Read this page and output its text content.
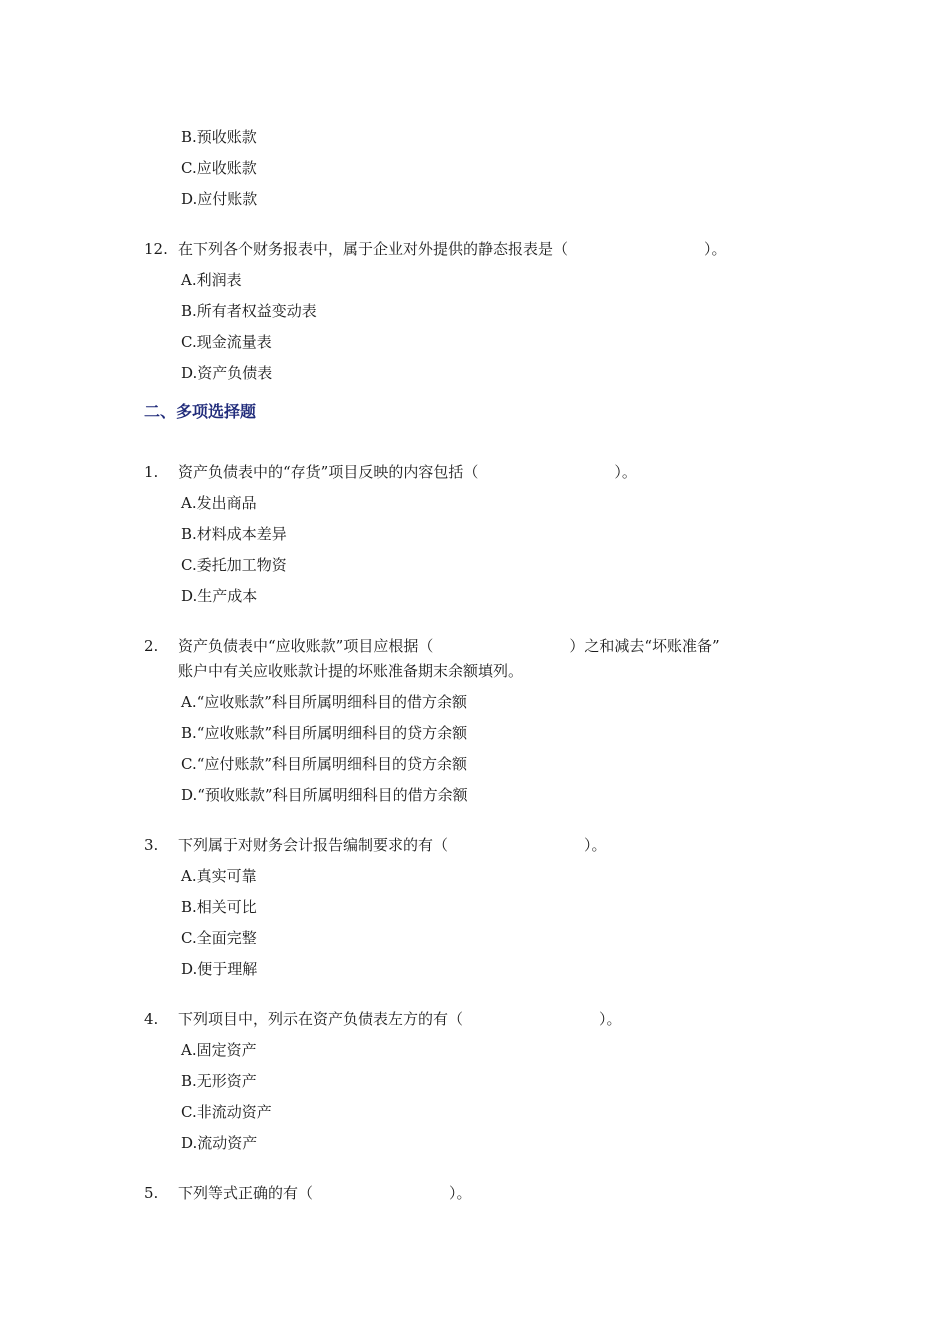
B.预收账款
C.应收账款
D.应付账款
12. 在下列各个财务报表中，属于企业对外提供的静态报表是（	）。
A.利润表
B.所有者权益变动表
C.现金流量表
D.资产负债表
二、多项选择题
1. 资产负债表中的“存货”项目反映的内容包括（	）。
A.发出商品
B.材料成本差异
C.委托加工物资
D.生产成本
2. 资产负债表中“应收账款”项目应根据（	）之和减去“坏账准备”
账户中有关应收账款计提的坏账准备期末余额填列。
A.“应收账款”科目所属明细科目的借方余额
B.“应收账款”科目所属明细科目的贷方余额
C.“应付账款”科目所属明细科目的贷方余额
D.“预收账款”科目所属明细科目的借方余额
3. 下列属于对财务会计报告编制要求的有（	）。
A.真实可靠
B.相关可比
C.全面完整
D.便于理解
4. 下列项目中，列示在资产负债表左方的有（	）。
A.固定资产
B.无形资产
C.非流动资产
D.流动资产
5. 下列等式正确的有（	）。
